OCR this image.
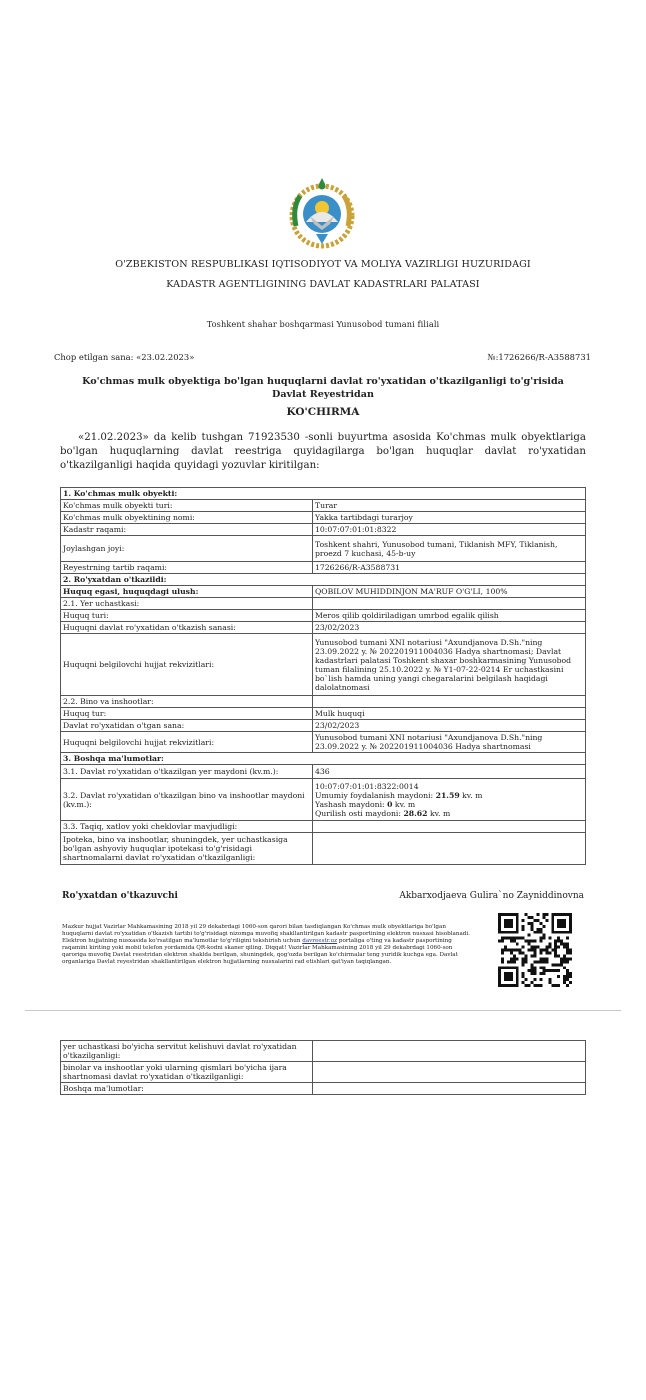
O'ZBEKISTON RESPUBLIKASI IQTISODIYOT VA MOLIYA VAZIRLIGI HUZURIDAGI
KADASTR AGENTLIGINING DAVLAT KADASTRLARI PALATASI
Toshkent shahar boshqarmasi Yunusobod tumani filiali
Chop etilgan sana: «23.02.2023»	№:1726266/R-A3588731
Ko'chmas mulk obyektiga bo'lgan huquqlarni davlat ro'yxatidan o'tkazilganligi to'g'risida Davlat Reyestridan
KO'CHIRMA
«21.02.2023» da kelib tushgan 71923530 -sonli buyurtma asosida Ko'chmas mulk obyektlariga bo'lgan huquqlarning davlat reestriga quyidagilarga bo'lgan huquqlar davlat ro'yxatidan o'tkazilganligi haqida quyidagi yozuvlar kiritilgan:
1. Ko'chmas mulk obyekti:	
Ko'chmas mulk obyekti turi:	Turar
Ko'chmas mulk obyektining nomi:	Yakka tartibdagi turarjoy
Kadastr raqami:	10:07:07:01:01:8322
Joylashgan joyi:	Toshkent shahri, Yunusobod tumani, Tiklanish MFY, Tiklanish, proezd 7 kuchasi, 45-b-uy
Reyestrning tartib raqami:	1726266/R-A3588731
2. Ro'yxatdan o'tkazildi:	
Huquq egasi, huquqdagi ulush:	QOBILOV MUHIDDINJON MA'RUF O'G'LI, 100%
2.1. Yer uchastkasi:	
Huquq turi:	Meros qilib qoldiriladigan umrbod egalik qilish
Huquqni davlat ro'yxatidan o'tkazish sanasi:	23/02/2023
Huquqni belgilovchi hujjat rekvizitlari:	Yunusobod tumani XNI notariusi "Axundjanova D.Sh."ning 23.09.2022 y. № 202201911004036 Hadya shartnomasi; Davlat kadastrlari palatasi Toshkent shaxar boshkarmasining Yunusobod tuman filalining 25.10.2022 y. № Y1-07-22-0214 Er uchastkasini bo`lish hamda uning yangi chegaralarini belgilash haqidagi dalolatnomasi
2.2. Bino va inshootlar:	
Huquq tur:	Mulk huquqi
Davlat ro'yxatidan o'tgan sana:	23/02/2023
Huquqni belgilovchi hujjat rekvizitlari:	Yunusobod tumani XNI notariusi "Axundjanova D.Sh."ning 23.09.2022 y. № 202201911004036 Hadya shartnomasi
3. Boshqa ma'lumotlar:	
3.1. Davlat ro'yxatidan o'tkazilgan yer maydoni (kv.m.):	436
3.2. Davlat ro'yxatidan o'tkazilgan bino va inshootlar maydoni (kv.m.):	10:07:07:01:01:8322:0014
Umumiy foydalanish maydoni: 21.59 kv. m
Yashash maydoni: 0 kv. m
Qurilish osti maydoni: 28.62 kv. m

3.3. Taqiq, xatlov yoki cheklovlar mavjudligi:	
Ipoteka, bino va inshootlar, shuningdek, yer uchastkasiga bo'lgan ashyoviy huquqlar ipotekasi to'g'risidagi shartnomalarni davlat ro'yxatidan o'tkazilganligi:	
Ro'yxatdan o'tkazuvchi	Akbarxodjaeva Gulira`no Zayniddinovna
Mazkur hujjat Vazirlar Mahkamasining 2018 yil 29 dekabrdagi 1060-son qarori bilan tasdiqlangan Ko'chmas mulk obyektlariga bo'lgan huquqlarni davlat ro'yxatidan o'tkazish tartibi to'g'risidagi nizomga muvofiq shakllantirilgan kadastr pasportining elektron nusxasi hisoblanadi. Elektron hujjatning nusxasida ko'rsatilgan ma'lumotlar to'g'riligini tekshirish uchun davreestr.uz portaliga o'ting va kadastr pasportining raqamini kiriting yoki mobil telefon yordamida QR-kodni skaner qiling. Diqqat! Vazirlar Mahkamasining 2018 yil 29 dekabrdagi 1060-son qaroriga muvofiq Davlat reestridan elektron shaklda berilgan, shuningdek, qog'ozda berilgan ko'chirmalar teng yuridik kuchga ega. Davlat organlariga Davlat reyestridan shakllantirilgan elektron hujjatlarning nusxalarini rad etishlari qat'iyan taqiqlangan.
yer uchastkasi bo'yicha servitut kelishuvi davlat ro'yxatidan o'tkazilganligi:	
binolar va inshootlar yoki ularning qismlari bo'yicha ijara shartnomasi davlat ro'yxatidan o'tkazilganligi:	
Boshqa ma'lumotlar:	
